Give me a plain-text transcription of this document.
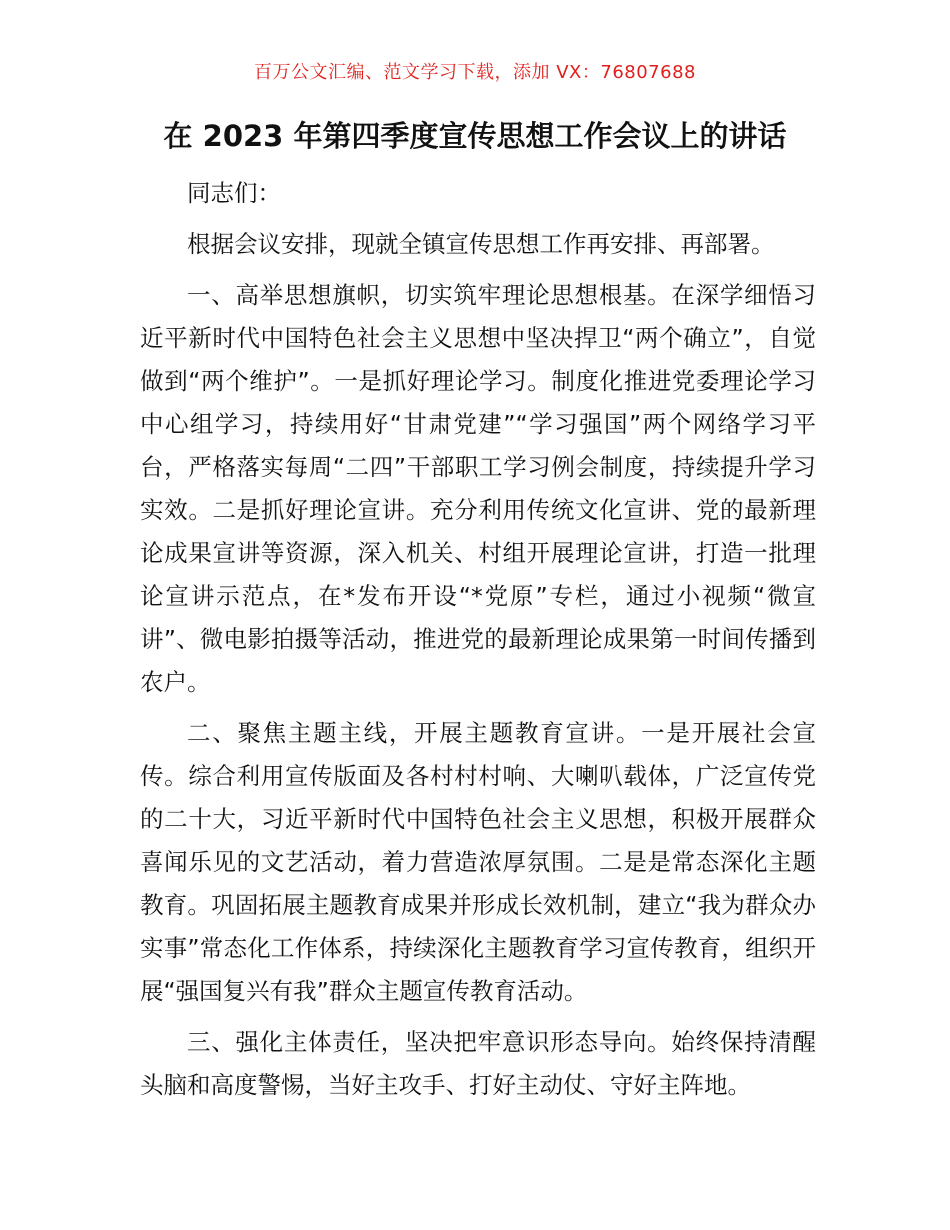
百万公文汇编、范文学习下载，添加 VX：76807688
在 2023 年第四季度宣传思想工作会议上的讲话

同志们：

根据会议安排，现就全镇宣传思想工作再安排、再部署。

一、高举思想旗帜，切实筑牢理论思想根基。在深学细悟习近平新时代中国特色社会主义思想中坚决捍卫“两个确立”，自觉做到“两个维护”。一是抓好理论学习。制度化推进党委理论学习中心组学习，持续用好“甘肃党建”“学习强国”两个网络学习平台，严格落实每周“二四”干部职工学习例会制度，持续提升学习实效。二是抓好理论宣讲。充分利用传统文化宣讲、党的最新理论成果宣讲等资源，深入机关、村组开展理论宣讲，打造一批理论宣讲示范点，在*发布开设“*党原”专栏，通过小视频“微宣讲”、微电影拍摄等活动，推进党的最新理论成果第一时间传播到农户。

二、聚焦主题主线，开展主题教育宣讲。一是开展社会宣传。综合利用宣传版面及各村村村响、大喇叭载体，广泛宣传党的二十大，习近平新时代中国特色社会主义思想，积极开展群众喜闻乐见的文艺活动，着力营造浓厚氛围。二是是常态深化主题教育。巩固拓展主题教育成果并形成长效机制，建立“我为群众办实事”常态化工作体系，持续深化主题教育学习宣传教育，组织开展“强国复兴有我”群众主题宣传教育活动。

三、强化主体责任，坚决把牢意识形态导向。始终保持清醒头脑和高度警惕，当好主攻手、打好主动仗、守好主阵地。
